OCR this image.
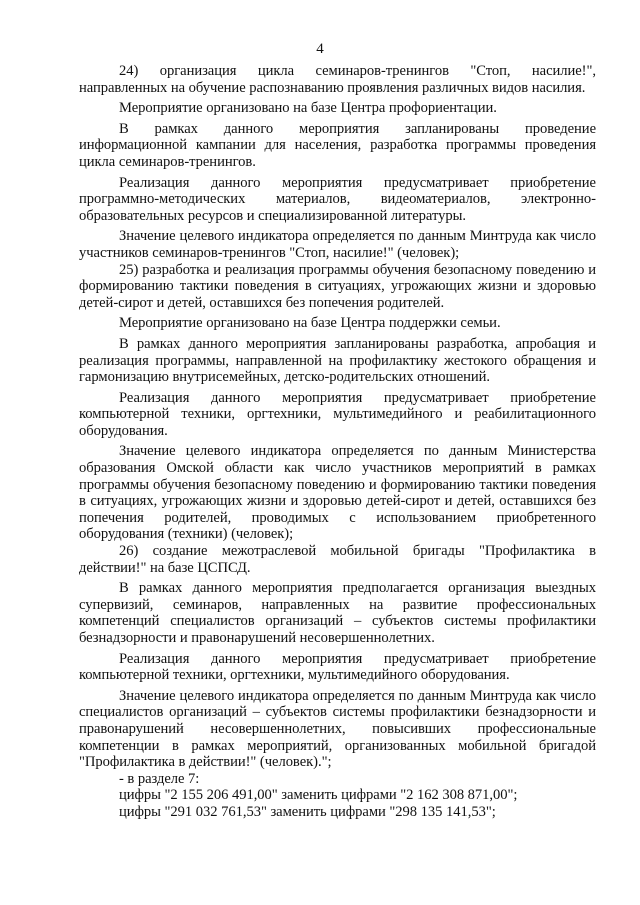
4

24) организация цикла семинаров-тренингов "Стоп, насилие!", направленных на обучение распознаванию проявления различных видов насилия.

Мероприятие организовано на базе Центра профориентации.

В рамках данного мероприятия запланированы проведение информационной кампании для населения, разработка программы проведения цикла семинаров-тренингов.

Реализация данного мероприятия предусматривает приобретение программно-методических материалов, видеоматериалов, электронно-образовательных ресурсов и специализированной литературы.

Значение целевого индикатора определяется по данным Минтруда как число участников семинаров-тренингов "Стоп, насилие!" (человек);

25) разработка и реализация программы обучения безопасному поведению и формированию тактики поведения в ситуациях, угрожающих жизни и здоровью детей-сирот и детей, оставшихся без попечения родителей.

Мероприятие организовано на базе Центра поддержки семьи.

В рамках данного мероприятия запланированы разработка, апробация и реализация программы, направленной на профилактику жестокого обращения и гармонизацию внутрисемейных, детско-родительских отношений.

Реализация данного мероприятия предусматривает приобретение компьютерной техники, оргтехники, мультимедийного и реабилитационного оборудования.

Значение целевого индикатора определяется по данным Министерства образования Омской области как число участников мероприятий в рамках программы обучения безопасному поведению и формированию тактики поведения в ситуациях, угрожающих жизни и здоровью детей-сирот и детей, оставшихся без попечения родителей, проводимых с использованием приобретенного оборудования (техники) (человек);

26) создание межотраслевой мобильной бригады "Профилактика в действии!" на базе ЦСПСД.

В рамках данного мероприятия предполагается организация выездных супервизий, семинаров, направленных на развитие профессиональных компетенций специалистов организаций – субъектов системы профилактики безнадзорности и правонарушений несовершеннолетних.

Реализация данного мероприятия предусматривает приобретение компьютерной техники, оргтехники, мультимедийного оборудования.

Значение целевого индикатора определяется по данным Минтруда как число специалистов организаций – субъектов системы профилактики безнадзорности и правонарушений несовершеннолетних, повысивших профессиональные компетенции в рамках мероприятий, организованных мобильной бригадой "Профилактика в действии!" (человек).";

- в разделе 7:

цифры "2 155 206 491,00" заменить цифрами "2 162 308 871,00";

цифры "291 032 761,53" заменить цифрами "298 135 141,53";
